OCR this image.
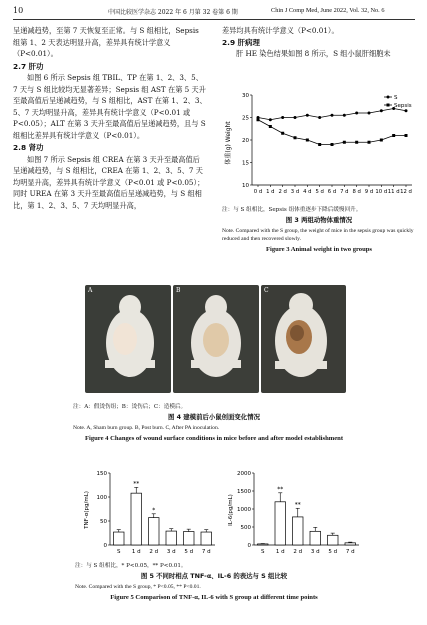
10	中国比较医学杂志 2022 年 6 月第 32 卷第 6 期	Chin J Comp Med, June 2022, Vol. 32, No. 6

呈递减趋势，至第 7 天恢复至正常。与 S 组相比，Sepsis 组第 1、2 天表达明显升高，差异具有统计学意义（P<0.01）。

2.7 肝功

如图 6 所示 Sepsis 组 TBIL、TP 在第 1、2、3、5、7 天与 S 组比较均无显著差异；Sepsis 组 AST 在第 5 天升至最高值后呈递减趋势，与 S 组相比，AST 在第 1、2、3、5、7 天均明显升高，差异具有统计学意义（P<0.01 或 P<0.05）；ALT 在第 3 天升至最高值后呈递减趋势，且与 S 组相比差异具有统计学意义（P<0.01）。

2.8 肾功

如图 7 所示 Sepsis 组 CREA 在第 3 天升至最高值后呈递减趋势，与 S 组相比，CREA 在第 1、2、3、5、7 天均明显升高，差异具有统计学意义（P<0.01 或 P<0.05）；同时 UREA 在第 3 天升至最高值后呈递减趋势，与 S 组相比，第 1、2、3、5、7 天均明显升高，

差异均具有统计学意义（P<0.01）。

2.9 肝病理

肝 HE 染色结果如图 8 所示，S 组小鼠肝细胞未

10
15
20
25
30
0 d 1 d 2 d 3 d 4 d 5 d 6 d 7 d 8 d 9 d 10 d 11 d 12 d
S
Sepsis
体重(g) Weight
注：与 S 组相比，Sepsis 组体重逐步下降后缓慢回升。
图 3 两组动物体重情况
Note. Compared with the S group, the weight of mice in the sepsis group was quickly reduced and then recovered slowly.
Figure 3 Animal weight in two groups
A	B	C
注：A：假烫伤组；B：烫伤后；C：造模后。
图 4 建模前后小鼠创面变化情况
Note. A, Sham burn group. B, Post burn. C, After PA inoculation.
Figure 4 Changes of wound surface conditions in mice before and after model establishment
0
50
100
150
S 1 d 2 d 3 d 5 d 7 d
**
*
TNF-α(pg/mL)
0
500
1000
1500
2000
S 1 d 2 d 3 d 5 d 7 d
**
**
IL-6(pg/mL)
注：与 S 组相比，* P<0.05，** P<0.01。
图 5 不同时相点 TNF-α、IL-6 的表达与 S 组比较
Note. Compared with the S group, * P<0.05, ** P<0.01.
Figure 5 Comparison of TNF-α, IL-6 with S group at different time points
